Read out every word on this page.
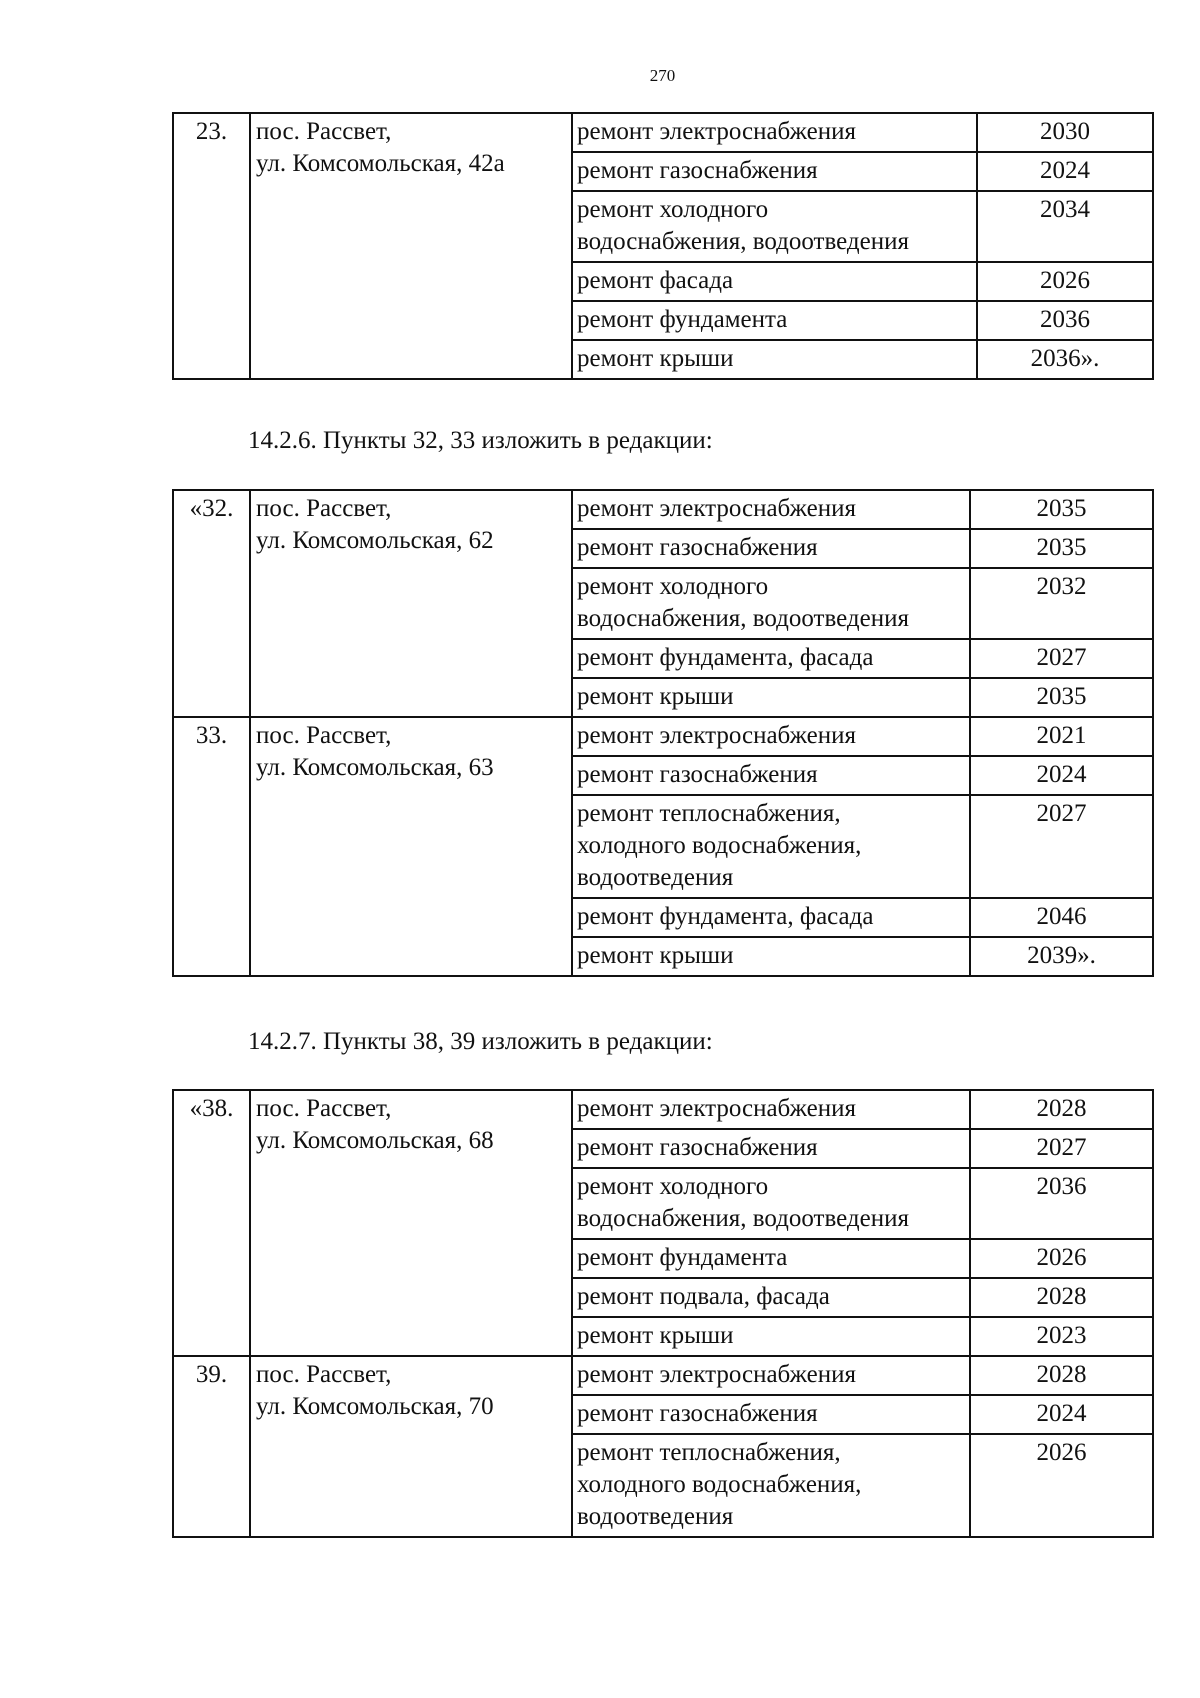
270
23.	пос. Рассвет,
ул. Комсомольская, 42а	ремонт электроснабжения	2030

		ремонт газоснабжения	2024

		ремонт холодного
водоснабжения, водоотведения	2034

		ремонт фасада	2026

		ремонт фундамента	2036

		ремонт крыши	2036».
14.2.6. Пункты 32, 33 изложить в редакции:
«32.	пос. Рассвет,
ул. Комсомольская, 62	ремонт электроснабжения	2035

		ремонт газоснабжения	2035

		ремонт холодного
водоснабжения, водоотведения	2032

		ремонт фундамента, фасада	2027

		ремонт крыши	2035
33.	пос. Рассвет,
ул. Комсомольская, 63	ремонт электроснабжения	2021

		ремонт газоснабжения	2024

		ремонт теплоснабжения,
холодного водоснабжения,
водоотведения	2027

		ремонт фундамента, фасада	2046

		ремонт крыши	2039».
14.2.7. Пункты 38, 39 изложить в редакции:
«38.	пос. Рассвет,
ул. Комсомольская, 68	ремонт электроснабжения	2028

		ремонт газоснабжения	2027

		ремонт холодного
водоснабжения, водоотведения	2036

		ремонт фундамента	2026

		ремонт подвала, фасада	2028

		ремонт крыши	2023
39.	пос. Рассвет,
ул. Комсомольская, 70	ремонт электроснабжения	2028

		ремонт газоснабжения	2024

		ремонт теплоснабжения,
холодного водоснабжения,
водоотведения	2026
